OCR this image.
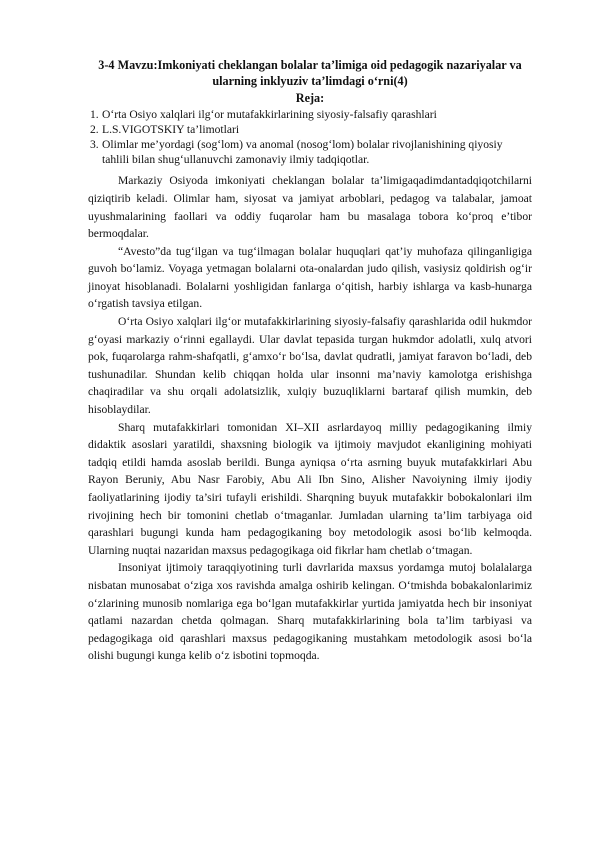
3-4 Mavzu:Imkoniyati cheklangan bolalar ta’limiga oid pedagogik nazariyalar va ularning inklyuziv ta’limdagi o‘rni(4)
Reja:
1. O‘rta Osiyo xalqlari ilg‘or mutafakkirlarining siyosiy-falsafiy qarashlari
2. L.S.VIGOTSKIY ta’limotlari
3. Olimlar me’yordagi (sog‘lom) va anomal (nosog‘lom) bolalar rivojlanishining qiyosiy tahlili bilan shug‘ullanuvchi zamonaviy ilmiy tadqiqotlar.

Markaziy Osiyoda imkoniyati cheklangan bolalar ta’limigaqadimdantadqiqotchilarni qiziqtirib keladi. Olimlar ham, siyosat va jamiyat arboblari, pedagog va talabalar, jamoat uyushmalarining faollari va oddiy fuqarolar ham bu masalaga tobora ko‘proq e’tibor bermoqdalar.

“Avesto”da tug‘ilgan va tug‘ilmagan bolalar huquqlari qat’iy muhofaza qilinganligiga guvoh bo‘lamiz. Voyaga yetmagan bolalarni ota-onalardan judo qilish, vasiysiz qoldirish og‘ir jinoyat hisoblanadi. Bolalarni yoshligidan fanlarga o‘qitish, harbiy ishlarga va kasb-hunarga o‘rgatish tavsiya etilgan.

O‘rta Osiyo xalqlari ilg‘or mutafakkirlarining siyosiy-falsafiy qarashlarida odil hukmdor g‘oyasi markaziy o‘rinni egallaydi. Ular davlat tepasida turgan hukmdor adolatli, xulq atvori pok, fuqarolarga rahm-shafqatli, g‘amxo‘r bo‘lsa, davlat qudratli, jamiyat faravon bo‘ladi, deb tushunadilar. Shundan kelib chiqqan holda ular insonni ma’naviy kamolotga erishishga chaqiradilar va shu orqali adolatsizlik, xulqiy buzuqliklarni bartaraf qilish mumkin, deb hisoblaydilar.

Sharq mutafakkirlari tomonidan XI–XII asrlardayoq milliy pedagogikaning ilmiy didaktik asoslari yaratildi, shaxsning biologik va ijtimoiy mavjudot ekanligining mohiyati tadqiq etildi hamda asoslab berildi. Bunga ayniqsa o‘rta asrning buyuk mutafakkirlari Abu Rayon Beruniy, Abu Nasr Farobiy, Abu Ali Ibn Sino, Alisher Navoiyning ilmiy ijodiy faoliyatlarining ijodiy ta’siri tufayli erishildi. Sharqning buyuk mutafakkir bobokalonlari ilm rivojining hech bir tomonini chetlab o‘tmaganlar. Jumladan ularning ta’lim tarbiyaga oid qarashlari bugungi kunda ham pedagogikaning boy metodologik asosi bo‘lib kelmoqda. Ularning nuqtai nazaridan maxsus pedagogikaga oid fikrlar ham chetlab o‘tmagan.

Insoniyat ijtimoiy taraqqiyotining turli davrlarida maxsus yordamga mutoj bolalalarga nisbatan munosabat o‘ziga xos ravishda amalga oshirib kelingan. O‘tmishda bobakalonlarimiz o‘zlarining munosib nomlariga ega bo‘lgan mutafakkirlar yurtida jamiyatda hech bir insoniyat qatlami nazardan chetda qolmagan. Sharq mutafakkirlarining bola ta’lim tarbiyasi va pedagogikaga oid qarashlari maxsus pedagogikaning mustahkam metodologik asosi bo‘la olishi bugungi kunga kelib o‘z isbotini topmoqda.
